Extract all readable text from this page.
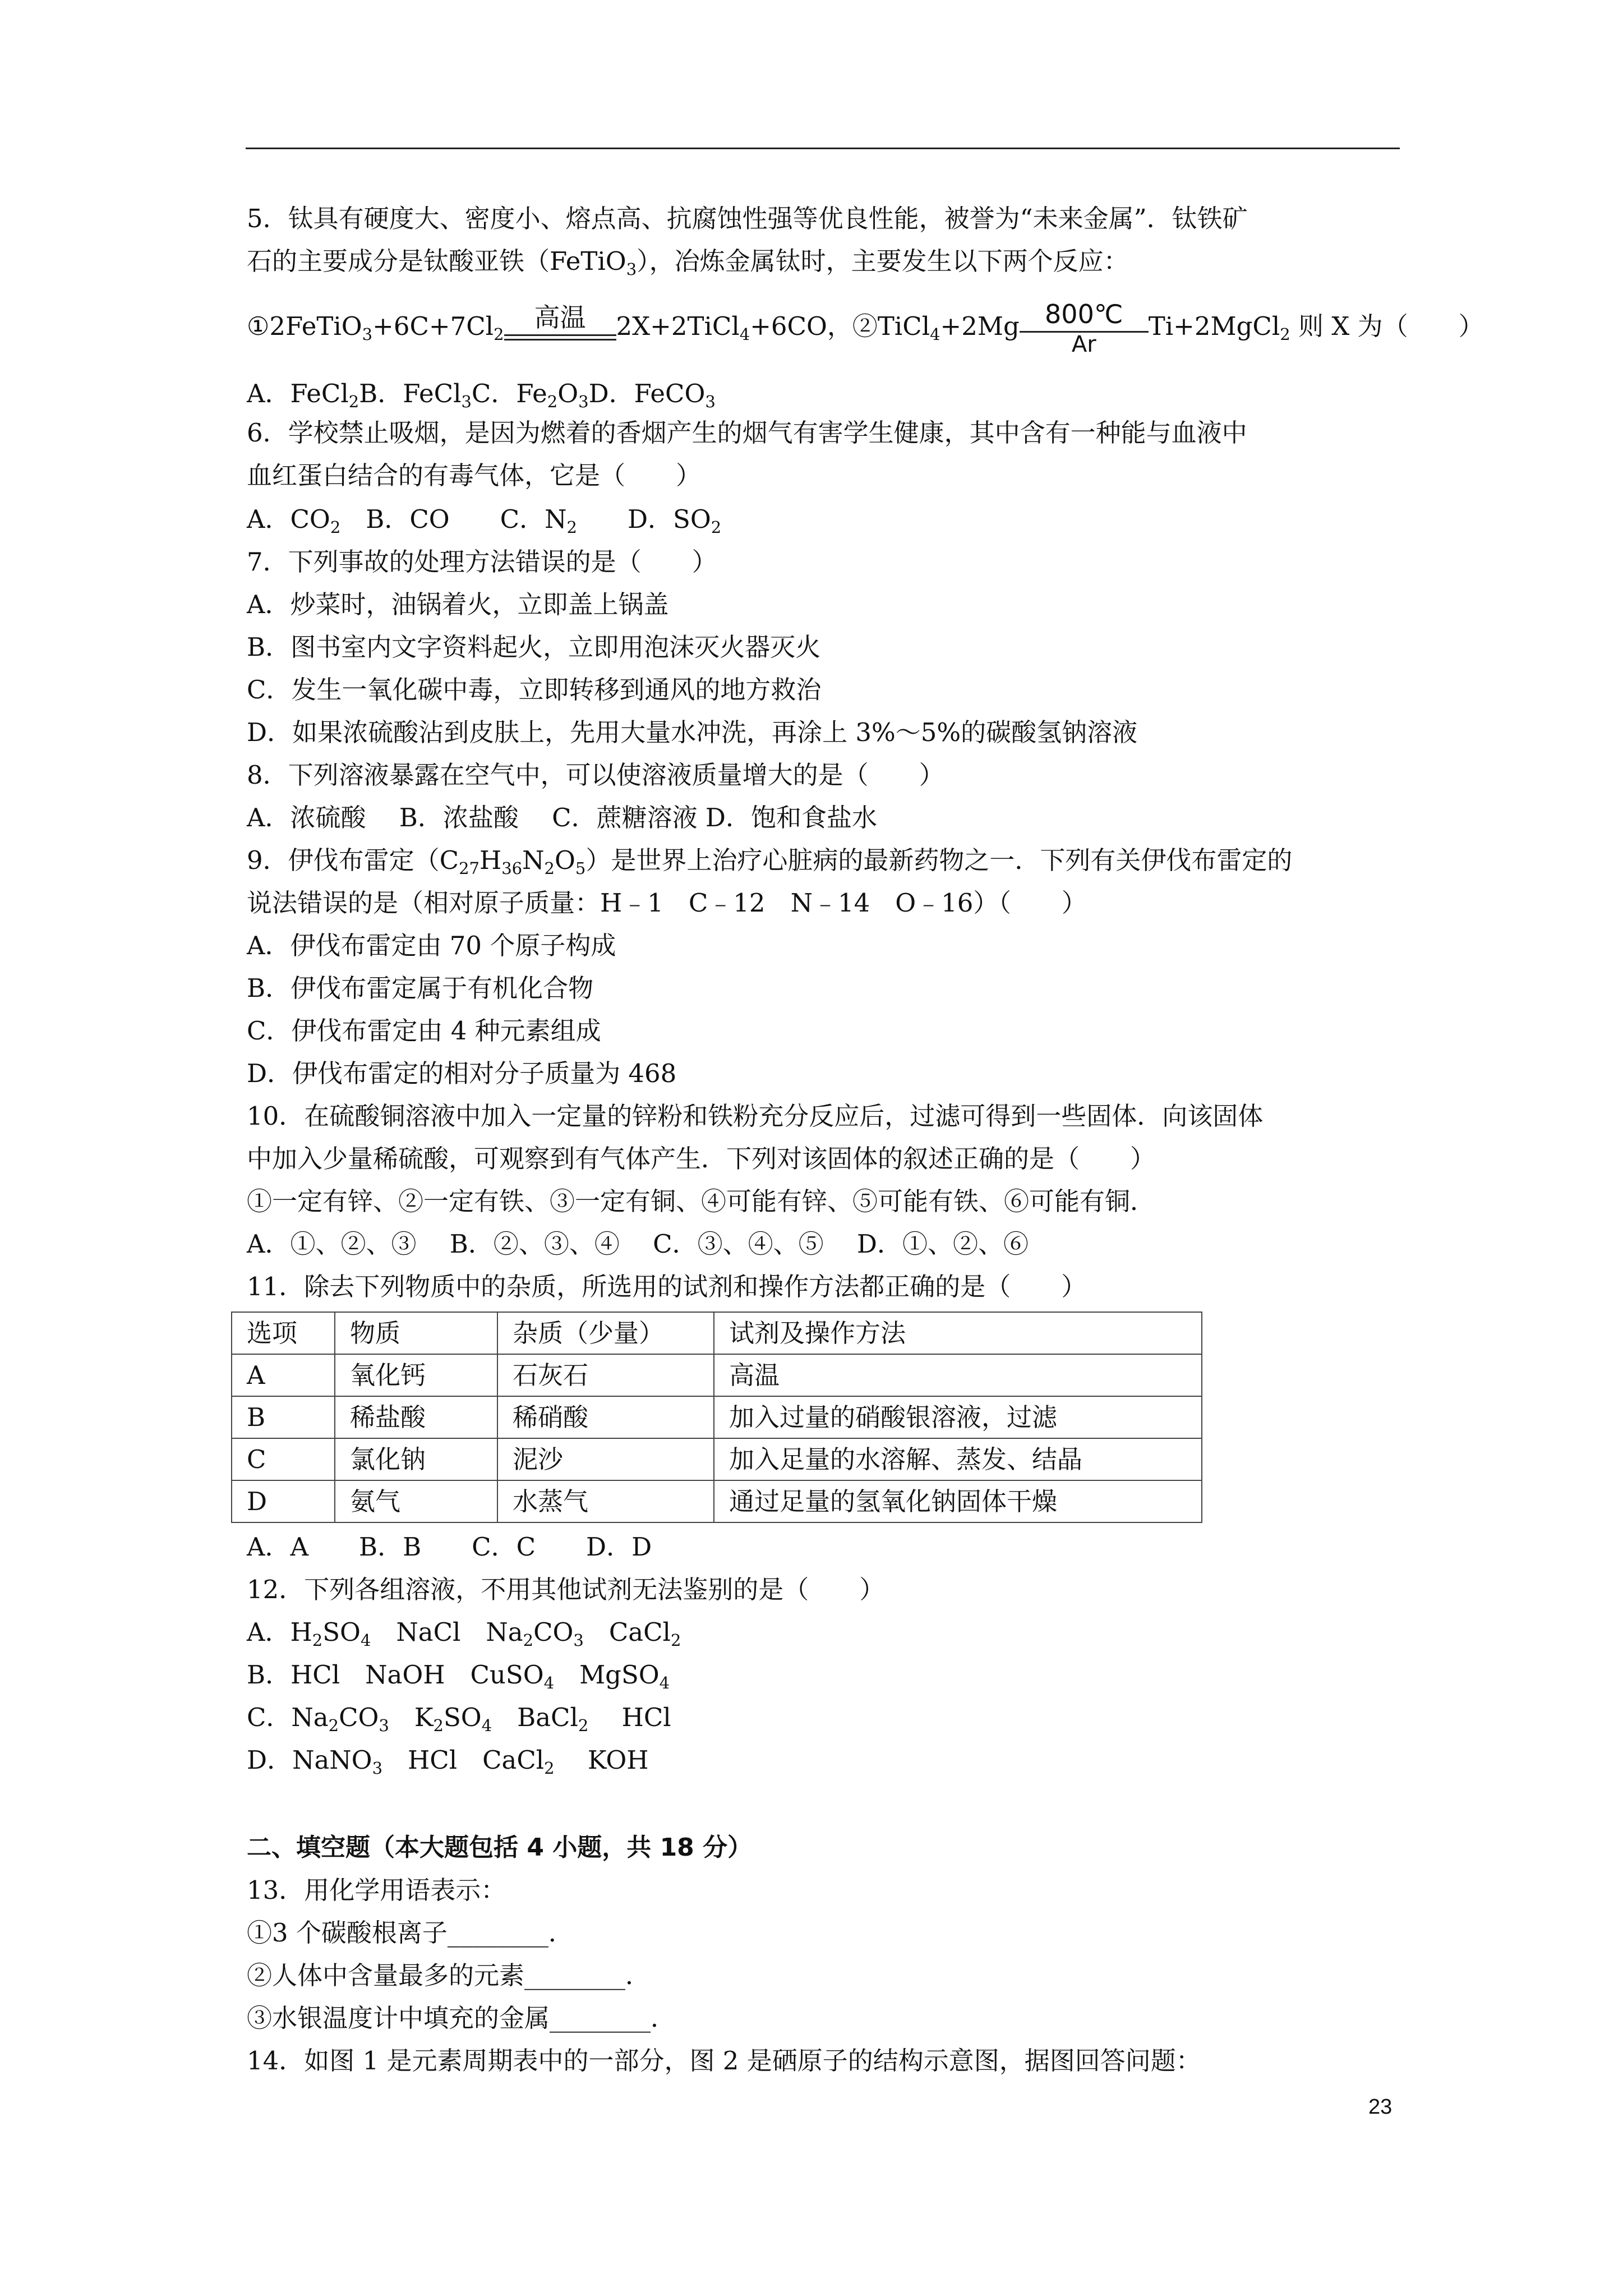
5．钛具有硬度大、密度小、熔点高、抗腐蚀性强等优良性能，被誉为“未来金属”．钛铁矿
石的主要成分是钛酸亚铁（FeTiO$_3$），冶炼金属钛时，主要发生以下两个反应：
$①2FeTiO_3+6C+7Cl_2$
高温	2X+2TiCl$_4$+6CO，②TiCl$_4$+2Mg $\frac{800℃}{Ar}$ Ti+2MgCl$_2$ 则 X 为（　　）
A．FeCl$_2$B．FeCl$_3$C．$Fe_2O_3D$．FeCO$_3$
6．学校禁止吸烟，是因为燃着的香烟产生的烟气有害学生健康，其中含有一种能与血液中
血红蛋白结合的有毒气体，它是（　　）
A．$CO_2$　B．CO　　C．$N_2$　　D．$SO_2$
7．下列事故的处理方法错误的是（　　）
A．炒菜时，油锅着火，立即盖上锅盖
B．图书室内文字资料起火，立即用泡沫灭火器灭火
C．发生一氧化碳中毒，立即转移到通风的地方救治
D．如果浓硫酸沾到皮肤上，先用大量水冲洗，再涂上 3%～5%的碳酸氢钠溶液
8．下列溶液暴露在空气中，可以使溶液质量增大的是（　　）
A．浓硫酸　 B．浓盐酸　 C．蔗糖溶液 D．饱和食盐水
9．伊伐布雷定$(C_{27}H_{36}N_2O_5)$是世界上治疗心脏病的最新药物之一．下列有关伊伐布雷定的
说法错误的是（相对原子质量：H﹣1　C﹣12　N﹣14　O﹣16）（　　）
A．伊伐布雷定由 70 个原子构成
B．伊伐布雷定属于有机化合物
C．伊伐布雷定由 4 种元素组成
D．伊伐布雷定的相对分子质量为 468
10．在硫酸铜溶液中加入一定量的锌粉和铁粉充分反应后，过滤可得到一些固体．向该固体
中加入少量稀硫酸，可观察到有气体产生．下列对该固体的叙述正确的是（　　）
①一定有锌、②一定有铁、③一定有铜、④可能有锌、⑤可能有铁、⑥可能有铜．
A．①、②、③　 B．②、③、④　 C．③、④、⑤　 D．①、②、⑥
11．除去下列物质中的杂质，所选用的试剂和操作方法都正确的是（　　）
选项	物质	杂质（少量）	试剂及操作方法
A	氧化钙	石灰石	高温
B	稀盐酸	稀硝酸	加入过量的硝酸银溶液，过滤
C	氯化钠	泥沙	加入足量的水溶解、蒸发、结晶
D	氨气	水蒸气	通过足量的氢氧化钠固体干燥
A．A　　B．B　　C．C　　D．D
12．下列各组溶液，不用其他试剂无法鉴别的是（　　）
A．$H_2SO_4$　NaCl　$Na_2CO_3$　CaCl$_2$
B．HCl　NaOH　CuSO$_4$　MgSO$_4$
C．$Na_2CO_3$　$K_2SO_4$　BaCl$_2$　 HCl
D．NaNO$_3$　HCl　CaCl$_2$　 KOH
二、填空题（本大题包括 4 小题，共 18 分）
13．用化学用语表示：
①3 个碳酸根离子________．
②人体中含量最多的元素________．
③水银温度计中填充的金属________．
14．如图 1 是元素周期表中的一部分，图 2 是硒原子的结构示意图，据图回答问题：
23
